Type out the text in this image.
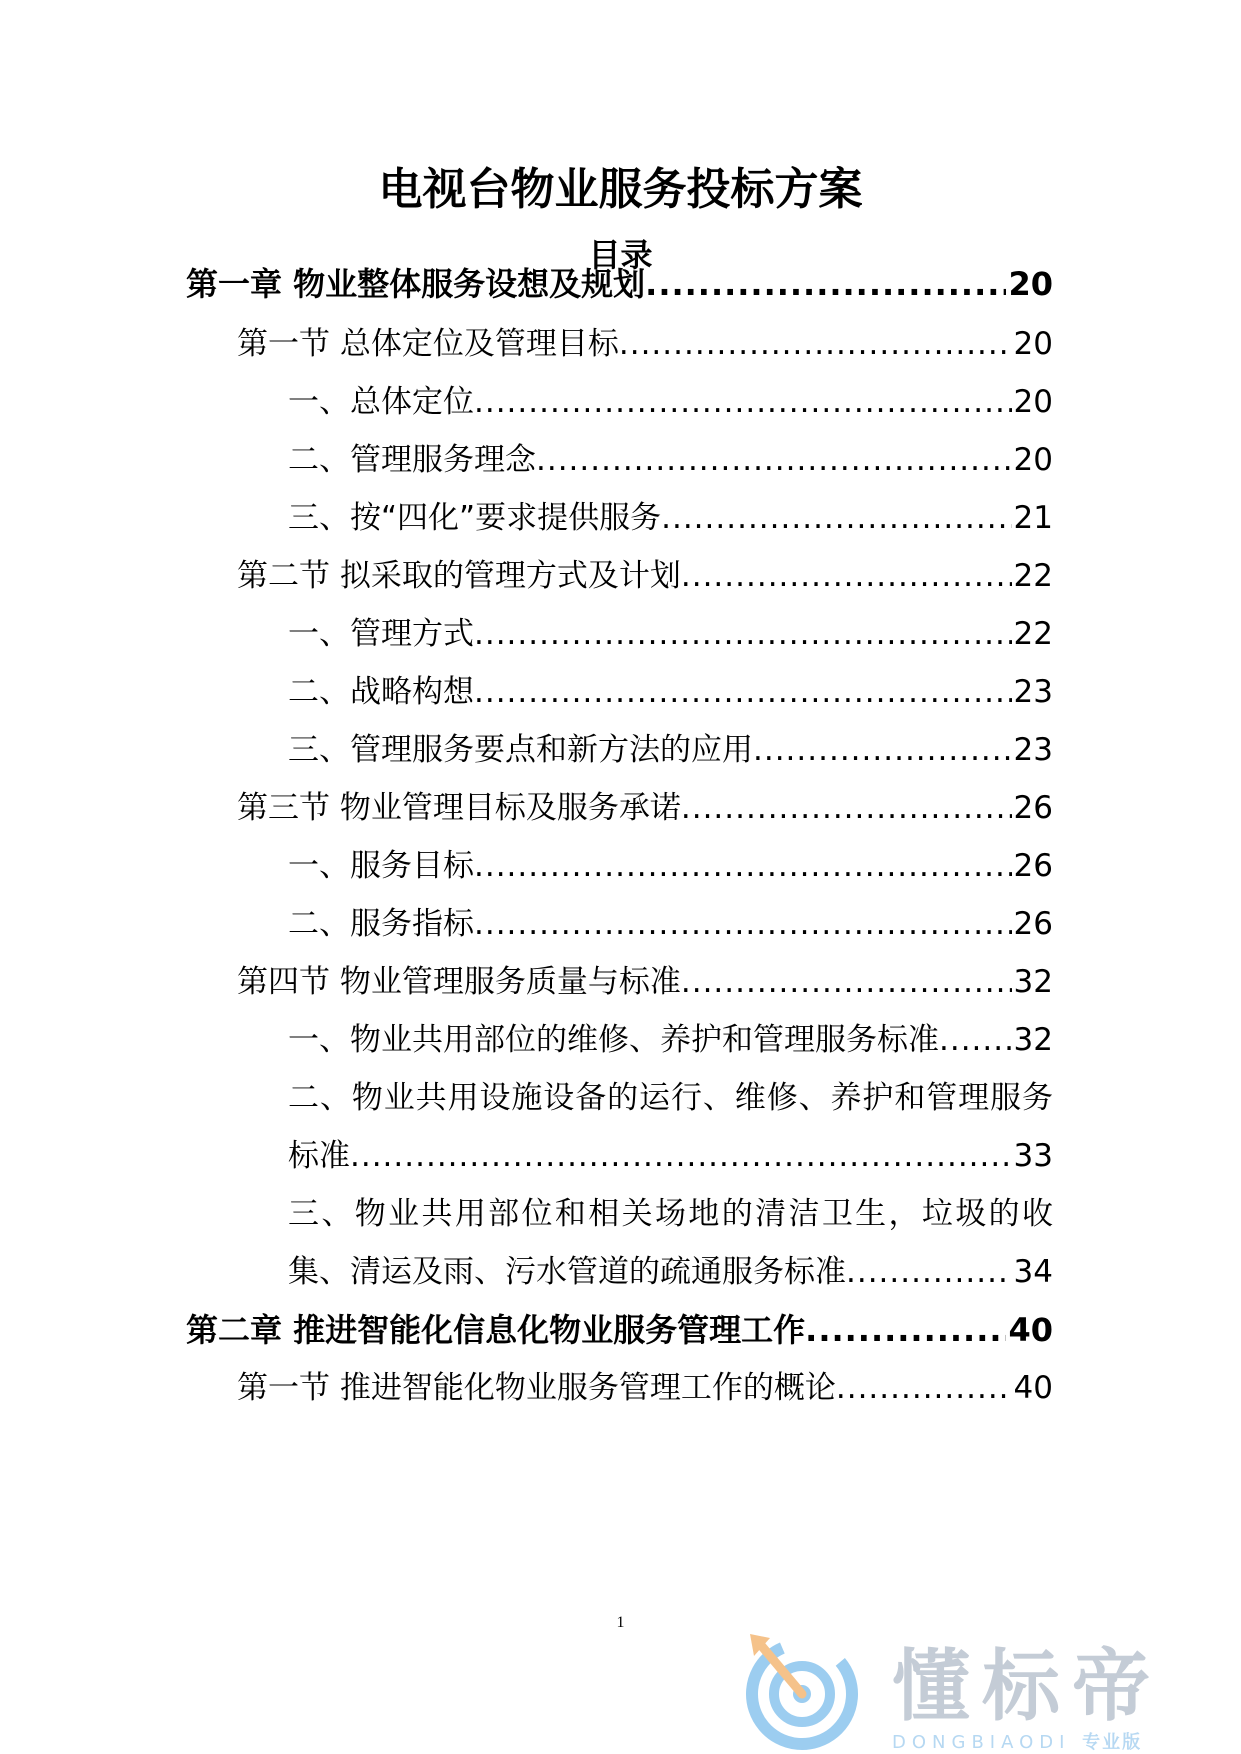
电视台物业服务投标方案
目录
第一章 物业整体服务设想及规划 .....	20
第一节 总体定位及管理目标 .....	20
一、总体定位 .....	20
二、管理服务理念 .....	20
三、按“四化”要求提供服务 .....	21
第二节 拟采取的管理方式及计划 .....	22
一、管理方式 .....	22
二、战略构想 .....	23
三、管理服务要点和新方法的应用 .....	23
第三节 物业管理目标及服务承诺 .....	26
一、服务目标 .....	26
二、服务指标 .....	26
第四节 物业管理服务质量与标准 .....	32
一、物业共用部位的维修、养护和管理服务标准 ..... 32
二、物业共用设施设备的运行、维修、养护和管理服务
标准 .....	33
三、物业共用部位和相关场地的清洁卫生，垃圾的收
集、清运及雨、污水管道的疏通服务标准 .....	34
第二章 推进智能化信息化物业服务管理工作 .....	40
第一节 推进智能化物业服务管理工作的概论 .....	40
1
懂标帝
DONGBIAODI 专业版
